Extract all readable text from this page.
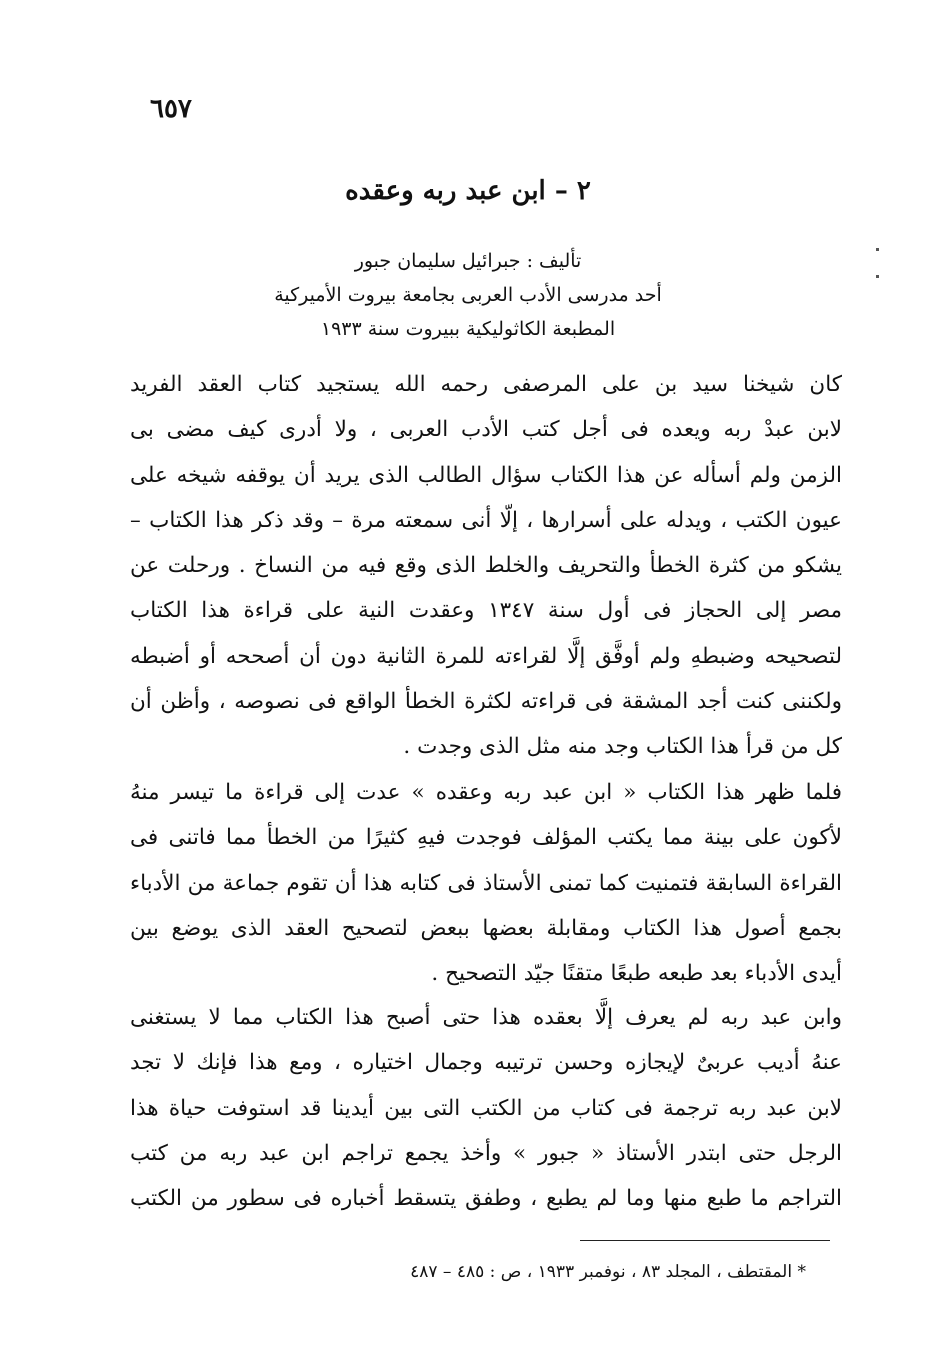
٦٥٧
٢ – ابن عبد ربه وعقده
تأليف : جبرائيل سليمان جبور
أحد مدرسى الأدب العربى بجامعة بيروت الأميركية
المطبعة الكاثوليكية ببيروت سنة ١٩٣٣
كان شيخنا سيد بن على المرصفى رحمه الله يستجيد كتاب العقد الفريد
لابن عبدْ ربه ويعده فى أجل كتب الأدب العربى ، ولا أدرى كيف مضى بى
الزمن ولم أسأله عن هذا الكتاب سؤال الطالب الذى يريد أن يوقفه شيخه على
عيون الكتب ، ويدله على أسرارها ، إلّا أنى سمعته مرة – وقد ذكر هذا الكتاب –
يشكو من كثرة الخطأ والتحريف والخلط الذى وقع فيه من النساخ . ورحلت عن
مصر إلى الحجاز فى أول سنة ١٣٤٧ وعقدت النية على قراءة هذا الكتاب
لتصحيحه وضبطهِ ولم أوفَّق إلَّا لقراءته للمرة الثانية دون أن أصححه أو أضبطه
ولكننى كنت أجد المشقة فى قراءته لكثرة الخطأ الواقع فى نصوصه ، وأظن أن
كل من قرأ هذا الكتاب وجد منه مثل الذى وجدت .
فلما ظهر هذا الكتاب « ابن عبد ربه وعقده » عدت إلى قراءة ما تيسر منهُ
لأكون على بينة مما يكتب المؤلف فوجدت فيهِ كثيرًا من الخطأ مما فاتنى فى
القراءة السابقة فتمنيت كما تمنى الأستاذ فى كتابه هذا أن تقوم جماعة من الأدباء
بجمع أصول هذا الكتاب ومقابلة بعضها ببعض لتصحيح العقد الذى يوضع بين
أيدى الأدباء بعد طبعه طبعًا متقنًا جيّد التصحيح .
وابن عبد ربه لم يعرف إلَّا بعقده هذا حتى أصبح هذا الكتاب مما لا يستغنى
عنهُ أديب عربىٌ لإيجازه وحسن ترتيبه وجمال اختياره ، ومع هذا فإنك لا تجد
لابن عبد ربه ترجمة فى كتاب من الكتب التى بين أيدينا قد استوفت حياة هذا
الرجل حتى ابتدر الأستاذ « جبور » وأخذ يجمع تراجم ابن عبد ربه من كتب
التراجم ما طبع منها وما لم يطبع ، وطفق يتسقط أخباره فى سطور من الكتب
* المقتطف ، المجلد ٨٣ ، نوفمبر ١٩٣٣ ، ص : ٤٨٥ – ٤٨٧
